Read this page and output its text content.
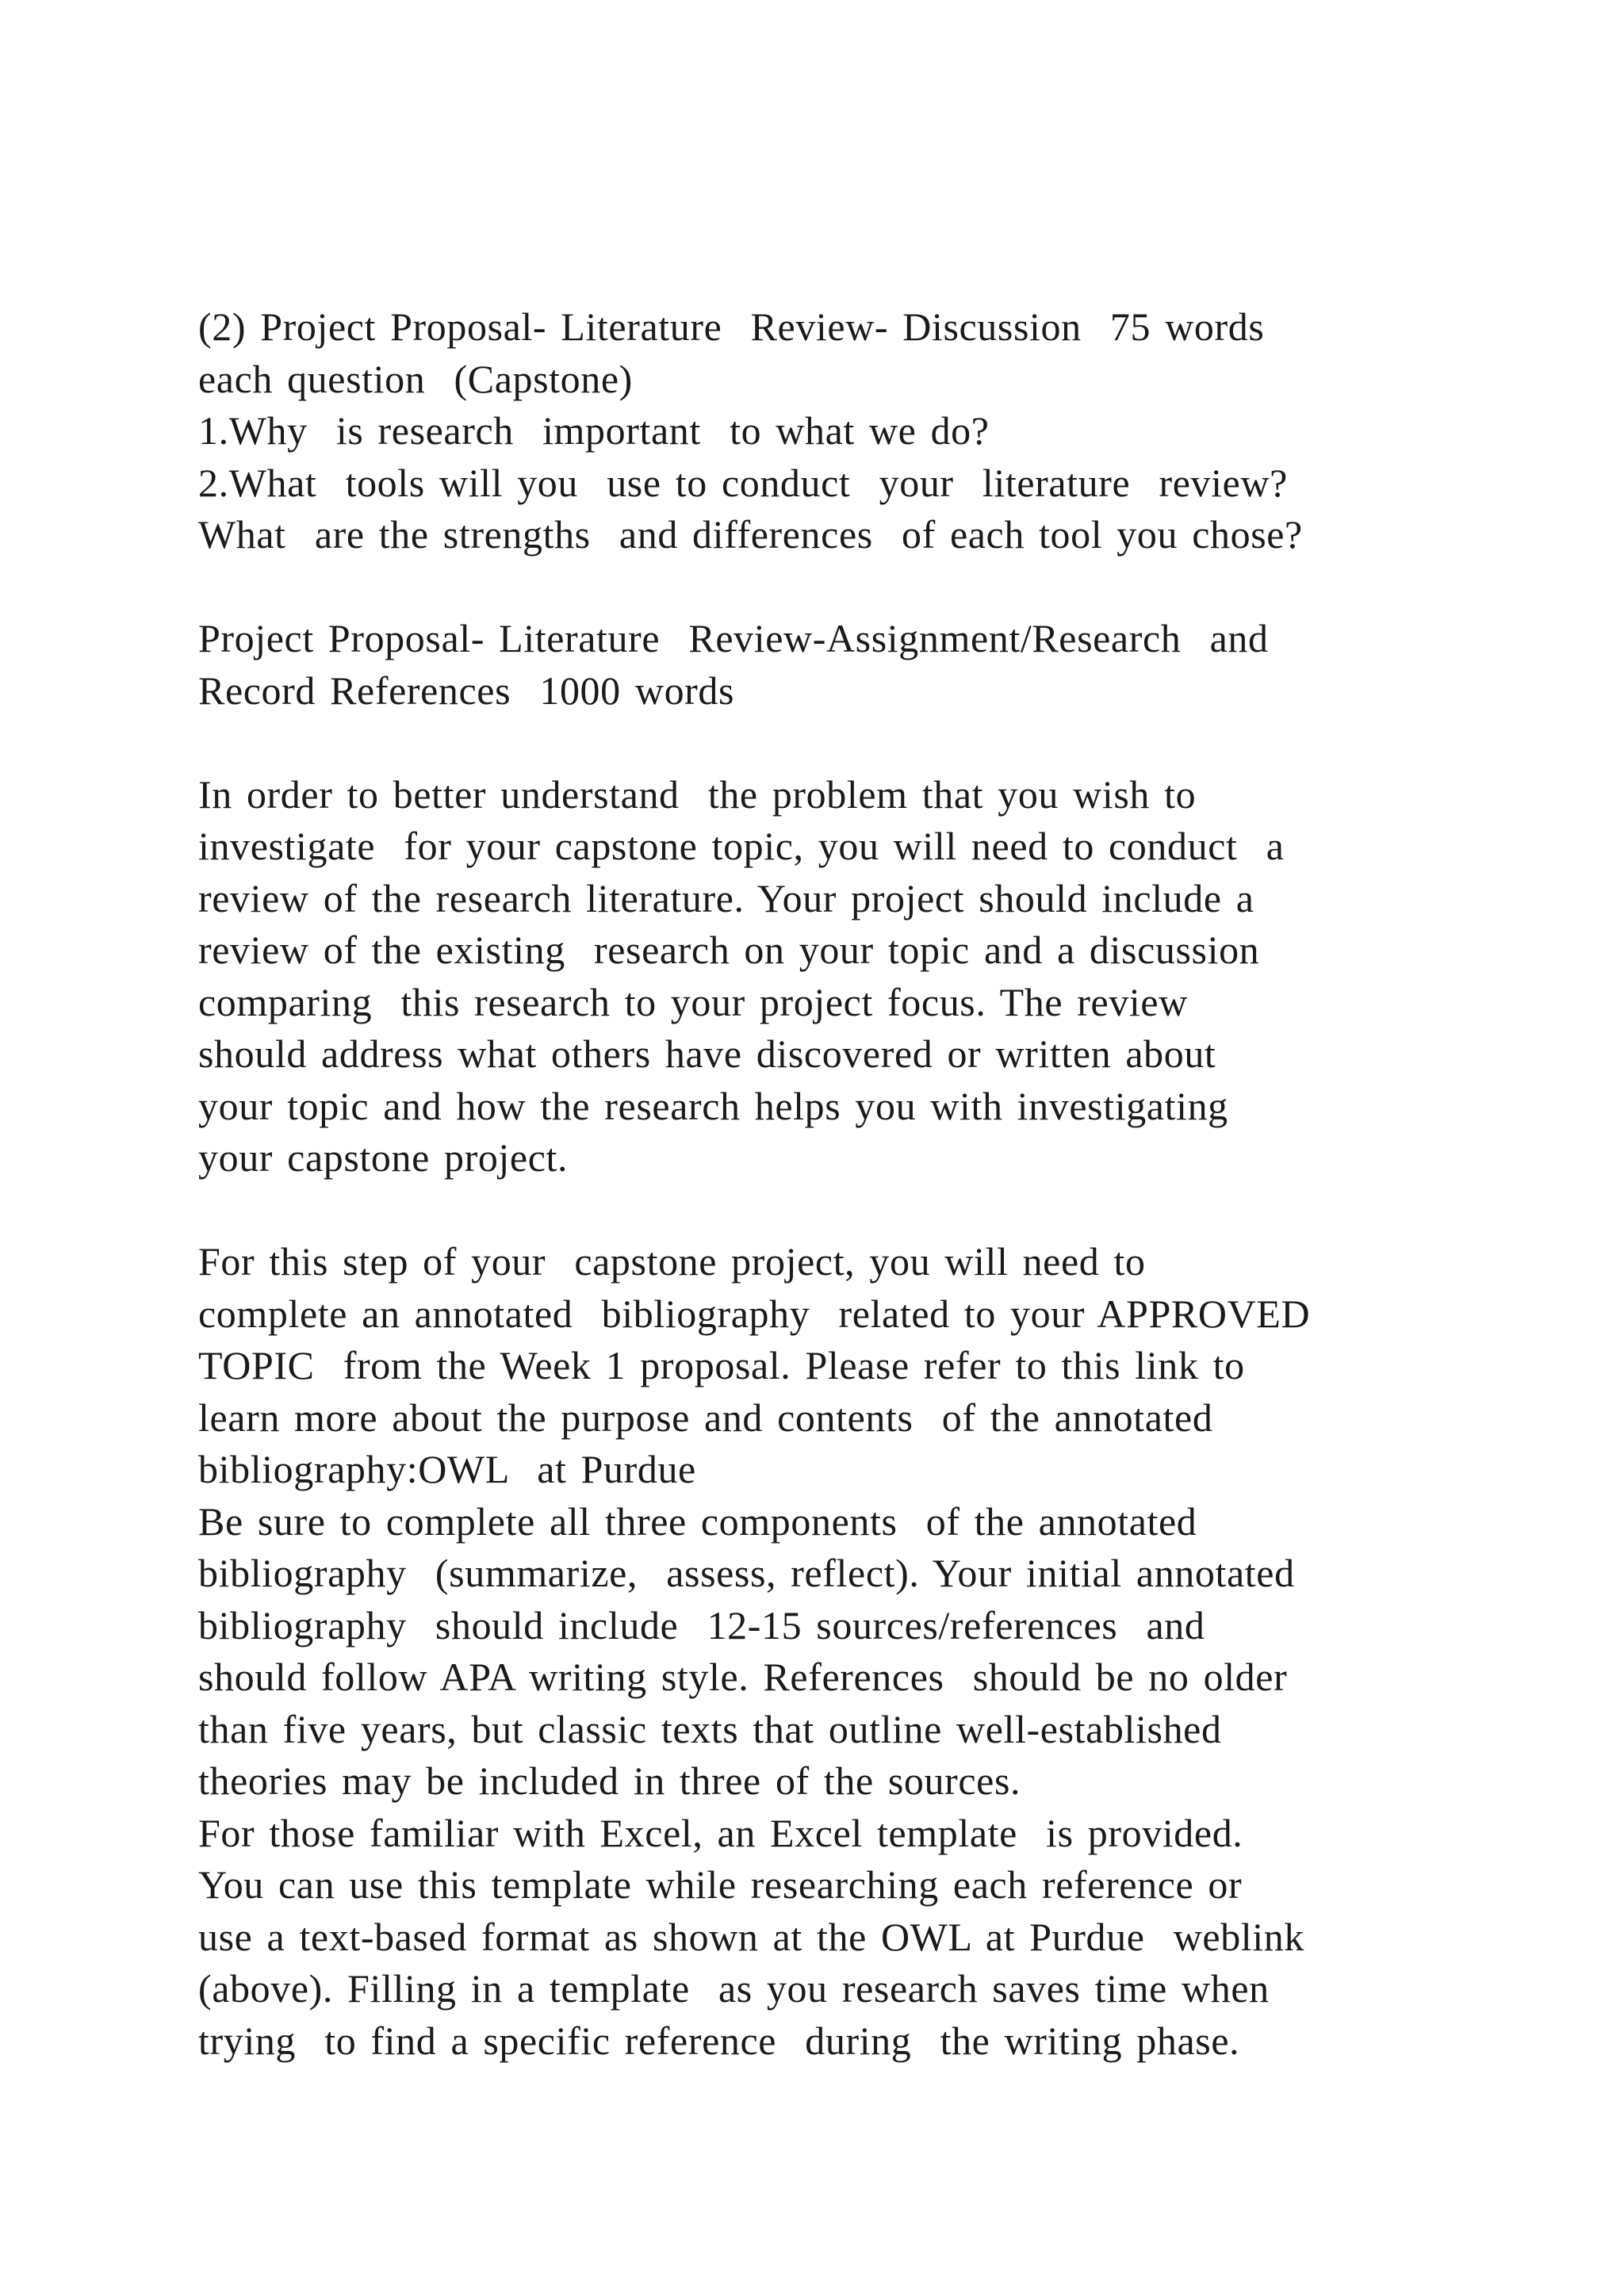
(2) Project Proposal- Literature  Review- Discussion  75 words
each question  (Capstone)
1.Why  is research  important  to what we do?
2.What  tools will you  use to conduct  your  literature  review?
What  are the strengths  and differences  of each tool you chose?
Project Proposal- Literature  Review-Assignment/Research  and
Record References  1000 words
In order to better understand  the problem that you wish to
investigate  for your capstone topic, you will need to conduct  a
review of the research literature. Your project should include a
review of the existing  research on your topic and a discussion
comparing  this research to your project focus. The review
should address what others have discovered or written about
your topic and how the research helps you with investigating
your capstone project.
For this step of your  capstone project, you will need to
complete an annotated  bibliography  related to your APPROVED
TOPIC  from the Week 1 proposal. Please refer to this link to
learn more about the purpose and contents  of the annotated
bibliography:OWL  at Purdue
Be sure to complete all three components  of the annotated
bibliography  (summarize,  assess, reflect). Your initial annotated
bibliography  should include  12-15 sources/references  and
should follow APA writing style. References  should be no older
than five years, but classic texts that outline well-established
theories may be included in three of the sources.
For those familiar with Excel, an Excel template  is provided.
You can use this template while researching each reference or
use a text-based format as shown at the OWL at Purdue  weblink
(above). Filling in a template  as you research saves time when
trying  to find a specific reference  during  the writing phase.
